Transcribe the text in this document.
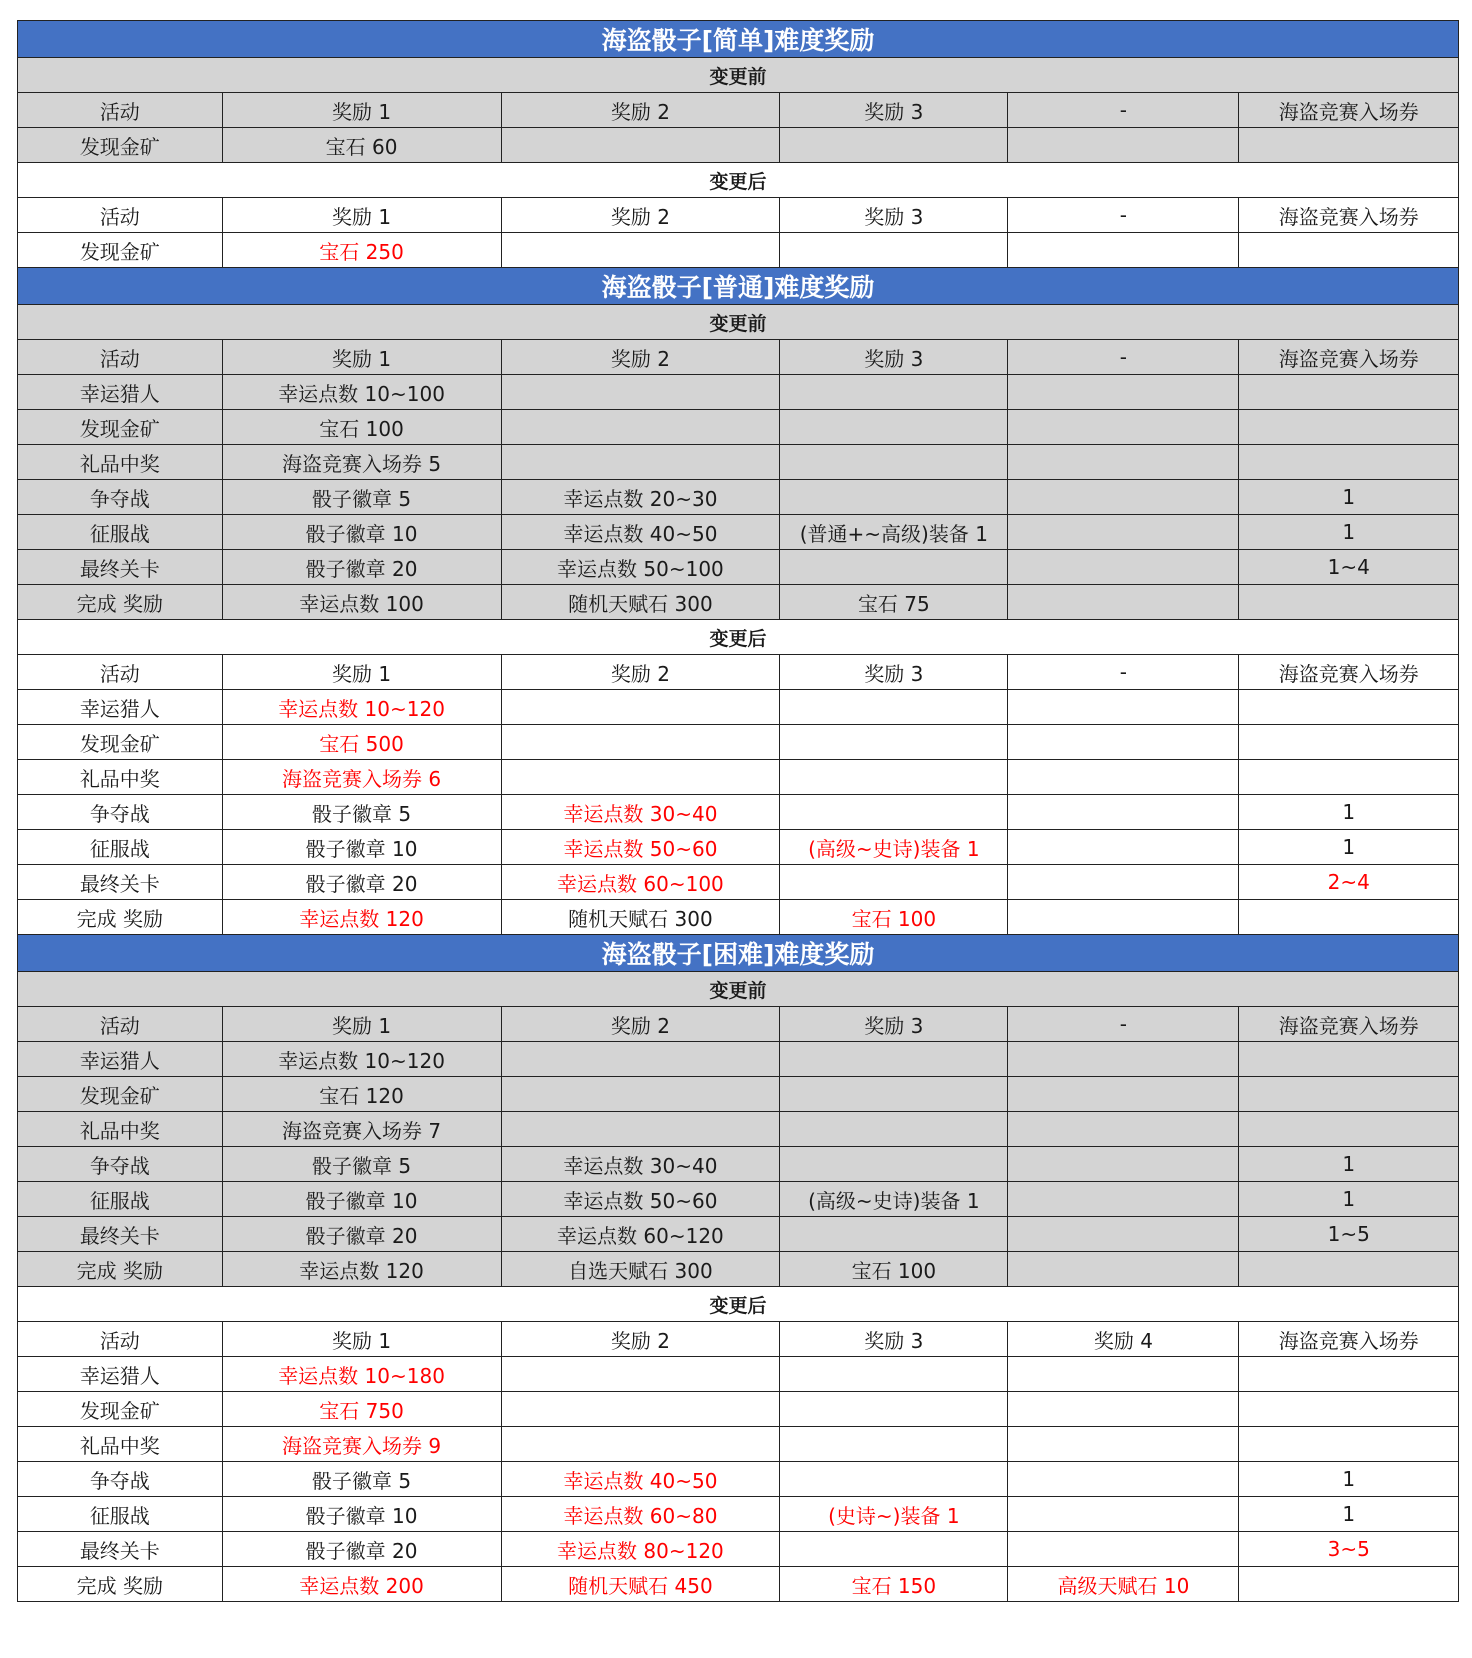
海盗骰子[简单]难度奖励					
变更前					
活动	奖励 1	奖励 2	奖励 3	-	海盗竞赛入场券
发现金矿	宝石 60				
变更后					
活动	奖励 1	奖励 2	奖励 3	-	海盗竞赛入场券
发现金矿	宝石 250				
海盗骰子[普通]难度奖励					
变更前					
活动	奖励 1	奖励 2	奖励 3	-	海盗竞赛入场券
幸运猎人	幸运点数 10~100				
发现金矿	宝石 100				
礼品中奖	海盗竞赛入场券 5				
争夺战	骰子徽章 5	幸运点数 20~30			1
征服战	骰子徽章 10	幸运点数 40~50	(普通+~高级)装备 1		1
最终关卡	骰子徽章 20	幸运点数 50~100			1~4
完成 奖励	幸运点数 100	随机天赋石 300	宝石 75		
变更后					
活动	奖励 1	奖励 2	奖励 3	-	海盗竞赛入场券
幸运猎人	幸运点数 10~120				
发现金矿	宝石 500				
礼品中奖	海盗竞赛入场券 6				
争夺战	骰子徽章 5	幸运点数 30~40			1
征服战	骰子徽章 10	幸运点数 50~60	(高级~史诗)装备 1		1
最终关卡	骰子徽章 20	幸运点数 60~100			2~4
完成 奖励	幸运点数 120	随机天赋石 300	宝石 100		
海盗骰子[困难]难度奖励					
变更前					
活动	奖励 1	奖励 2	奖励 3	-	海盗竞赛入场券
幸运猎人	幸运点数 10~120				
发现金矿	宝石 120				
礼品中奖	海盗竞赛入场券 7				
争夺战	骰子徽章 5	幸运点数 30~40			1
征服战	骰子徽章 10	幸运点数 50~60	(高级~史诗)装备 1		1
最终关卡	骰子徽章 20	幸运点数 60~120			1~5
完成 奖励	幸运点数 120	自选天赋石 300	宝石 100		
变更后					
活动	奖励 1	奖励 2	奖励 3	奖励 4	海盗竞赛入场券
幸运猎人	幸运点数 10~180				
发现金矿	宝石 750				
礼品中奖	海盗竞赛入场券 9				
争夺战	骰子徽章 5	幸运点数 40~50			1
征服战	骰子徽章 10	幸运点数 60~80	(史诗~)装备 1		1
最终关卡	骰子徽章 20	幸运点数 80~120			3~5
完成 奖励	幸运点数 200	随机天赋石 450	宝石 150	高级天赋石 10	
